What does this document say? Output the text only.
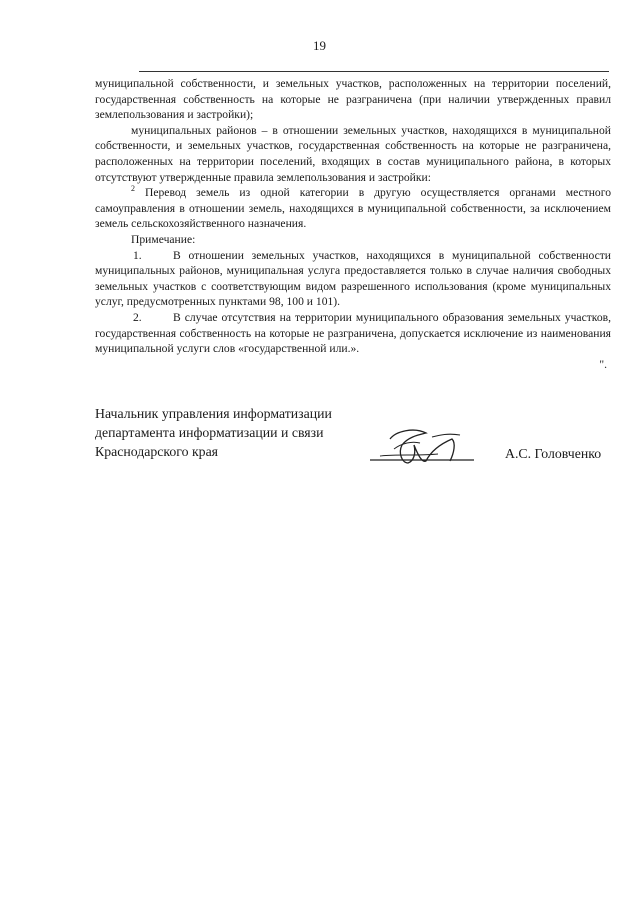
19

муниципальной собственности, и земельных участков, расположенных на территории поселений, государственная собственность на которые не разграничена (при наличии утвержденных правил землепользования и застройки);

муниципальных районов – в отношении земельных участков, находящихся в муниципальной собственности, и земельных участков, государственная собственность на которые не разграничена, расположенных на территории поселений, входящих в состав муниципального района, в которых отсутствуют утвержденные правила землепользования и застройки:

$^2$ Перевод земель из одной категории в другую осуществляется органами местного самоуправления в отношении земель, находящихся в муниципальной собственности, за исключением земель сельскохозяйственного назначения.

Примечание:

1.	В отношении земельных участков, находящихся в муниципальной собственности муниципальных районов, муниципальная услуга предоставляется только в случае наличия свободных земельных участков с соответствующим видом разрешенного использования (кроме муниципальных услуг, предусмотренных пунктами 98, 100 и 101).

2.	В случае отсутствия на территории муниципального образования земельных участков, государственная собственность на которые не разграничена, допускается исключение из наименования муниципальной услуги слов «государственной или.».

".

Начальник управления информатизации
департамента информатизации и связи
Краснодарского края	А.С. Головченко
